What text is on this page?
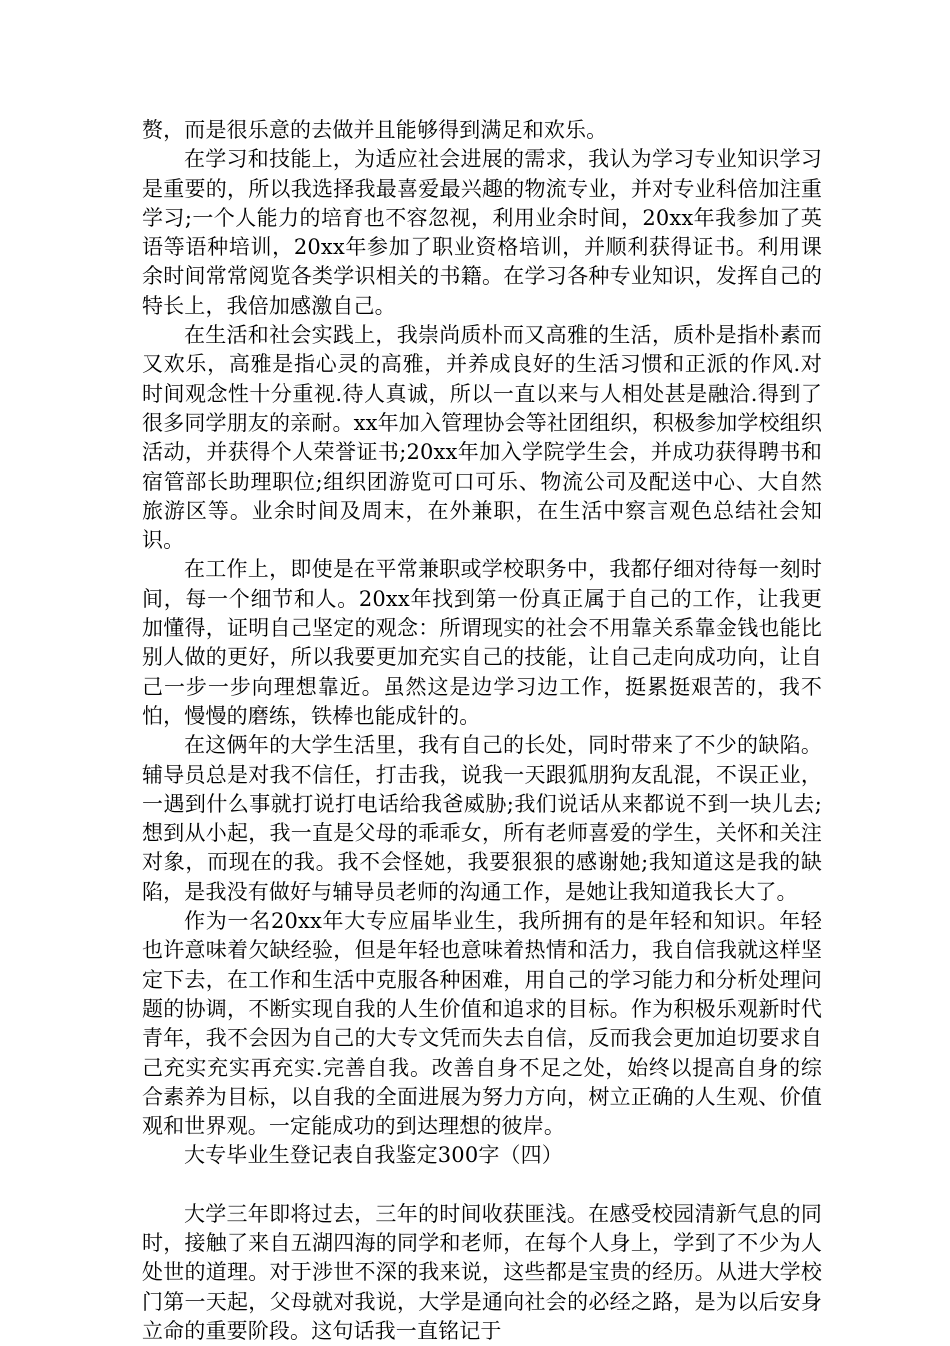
赘，而是很乐意的去做并且能够得到满足和欢乐。

在学习和技能上，为适应社会进展的需求，我认为学习专业知识学习是重要的，所以我选择我最喜爱最兴趣的物流专业，并对专业科倍加注重学习;一个人能力的培育也不容忽视，利用业余时间，20xx年我参加了英语等语种培训，20xx年参加了职业资格培训，并顺利获得证书。利用课余时间常常阅览各类学识相关的书籍。在学习各种专业知识，发挥自己的特长上，我倍加感激自己。

在生活和社会实践上，我崇尚质朴而又高雅的生活，质朴是指朴素而又欢乐，高雅是指心灵的高雅，并养成良好的生活习惯和正派的作风.对时间观念性十分重视.待人真诚，所以一直以来与人相处甚是融洽.得到了很多同学朋友的亲耐。xx年加入管理协会等社团组织，积极参加学校组织活动，并获得个人荣誉证书;20xx年加入学院学生会，并成功获得聘书和宿管部长助理职位;组织团游览可口可乐、物流公司及配送中心、大自然旅游区等。业余时间及周末，在外兼职，在生活中察言观色总结社会知识。

在工作上，即使是在平常兼职或学校职务中，我都仔细对待每一刻时间，每一个细节和人。20xx年找到第一份真正属于自己的工作，让我更加懂得，证明自己坚定的观念：所谓现实的社会不用靠关系靠金钱也能比别人做的更好，所以我要更加充实自己的技能，让自己走向成功向，让自己一步一步向理想靠近。虽然这是边学习边工作，挺累挺艰苦的，我不怕，慢慢的磨练，铁棒也能成针的。

在这俩年的大学生活里，我有自己的长处，同时带来了不少的缺陷。辅导员总是对我不信任，打击我，说我一天跟狐朋狗友乱混，不误正业，一遇到什么事就打说打电话给我爸威胁;我们说话从来都说不到一块儿去;想到从小起，我一直是父母的乖乖女，所有老师喜爱的学生，关怀和关注对象，而现在的我。我不会怪她，我要狠狠的感谢她;我知道这是我的缺陷，是我没有做好与辅导员老师的沟通工作，是她让我知道我长大了。

作为一名20xx年大专应届毕业生，我所拥有的是年轻和知识。年轻也许意味着欠缺经验，但是年轻也意味着热情和活力，我自信我就这样坚定下去，在工作和生活中克服各种困难，用自己的学习能力和分析处理问题的协调，不断实现自我的人生价值和追求的目标。作为积极乐观新时代青年，我不会因为自己的大专文凭而失去自信，反而我会更加迫切要求自己充实充实再充实.完善自我。改善自身不足之处，始终以提高自身的综合素养为目标，以自我的全面进展为努力方向，树立正确的人生观、价值观和世界观。一定能成功的到达理想的彼岸。

大专毕业生登记表自我鉴定300字（四）

大学三年即将过去，三年的时间收获匪浅。在感受校园清新气息的同时，接触了来自五湖四海的同学和老师，在每个人身上，学到了不少为人处世的道理。对于涉世不深的我来说，这些都是宝贵的经历。从进大学校门第一天起，父母就对我说，大学是通向社会的必经之路，是为以后安身立命的重要阶段。这句话我一直铭记于
